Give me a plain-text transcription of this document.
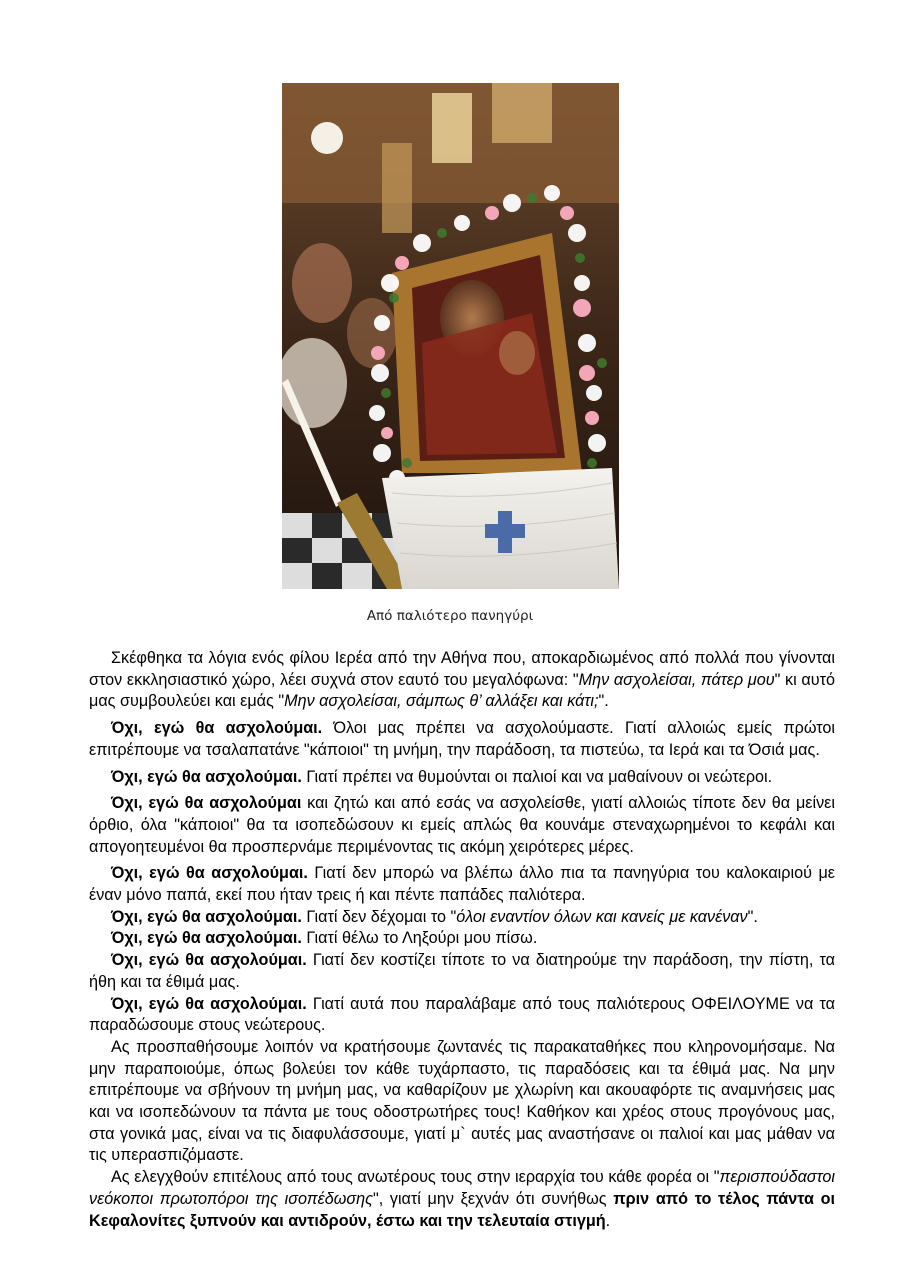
Από παλιότερο πανηγύρι

Σκέφθηκα τα λόγια ενός φίλου Ιερέα από την Αθήνα που, αποκαρδιωμένος από πολλά που γίνονται στον εκκλησιαστικό χώρο, λέει συχνά στον εαυτό του μεγαλόφωνα: "Μην ασχολείσαι, πάτερ μου" κι αυτό μας συμβουλεύει και εμάς "Μην ασχολείσαι, σάμπως θ’ αλλάξει και κάτι;".

Όχι, εγώ θα ασχολούμαι. Όλοι μας πρέπει να ασχολούμαστε. Γιατί αλλοιώς εμείς πρώτοι επιτρέπουμε να τσαλαπατάνε "κάποιοι" τη μνήμη, την παράδοση, τα πιστεύω, τα Ιερά και τα Όσιά μας.

Όχι, εγώ θα ασχολούμαι. Γιατί πρέπει να θυμούνται οι παλιοί και να μαθαίνουν οι νεώτεροι.

Όχι, εγώ θα ασχολούμαι και ζητώ και από εσάς να ασχολείσθε, γιατί αλλοιώς τίποτε δεν θα μείνει όρθιο, όλα "κάποιοι" θα τα ισοπεδώσουν κι εμείς απλώς θα κουνάμε στεναχωρημένοι το κεφάλι και απογοητευμένοι θα προσπερνάμε περιμένοντας τις ακόμη χειρότερες μέρες.

Όχι, εγώ θα ασχολούμαι. Γιατί δεν μπορώ να βλέπω άλλο πια τα πανηγύρια του καλοκαιριού με έναν μόνο παπά, εκεί που ήταν τρεις ή και πέντε παπάδες παλιότερα.

Όχι, εγώ θα ασχολούμαι. Γιατί δεν δέχομαι το "όλοι εναντίον όλων και κανείς με κανέναν".

Όχι, εγώ θα ασχολούμαι. Γιατί θέλω το Ληξούρι μου πίσω.

Όχι, εγώ θα ασχολούμαι. Γιατί δεν κοστίζει τίποτε το να διατηρούμε την παράδοση, την πίστη, τα ήθη και τα έθιμά μας.

Όχι, εγώ θα ασχολούμαι. Γιατί αυτά που παραλάβαμε από τους παλιότερους ΟΦΕΙΛΟΥΜΕ να τα παραδώσουμε στους νεώτερους.

Ας προσπαθήσουμε λοιπόν να κρατήσουμε ζωντανές τις παρακαταθήκες που κληρονομήσαμε. Να μην παραποιούμε, όπως βολεύει τον κάθε τυχάρπαστο, τις παραδόσεις και τα έθιμά μας. Να μην επιτρέπουμε να σβήνουν τη μνήμη μας, να καθαρίζουν με χλωρίνη και ακουαφόρτε τις αναμνήσεις μας και να ισοπεδώνουν τα πάντα με τους οδοστρωτήρες τους! Καθήκον και χρέος στους προγόνους μας, στα γονικά μας, είναι να τις διαφυλάσσουμε, γιατί μ` αυτές μας αναστήσανε οι παλιοί και μας μάθαν να τις υπερασπιζόμαστε.

Ας ελεγχθούν επιτέλους από τους ανωτέρους τους στην ιεραρχία του κάθε φορέα οι "περισπούδαστοι νεόκοποι πρωτοπόροι της ισοπέδωσης", γιατί μην ξεχνάν ότι συνήθως πριν από το τέλος πάντα οι Κεφαλονίτες ξυπνούν και αντιδρούν, έστω και την τελευταία στιγμή.
